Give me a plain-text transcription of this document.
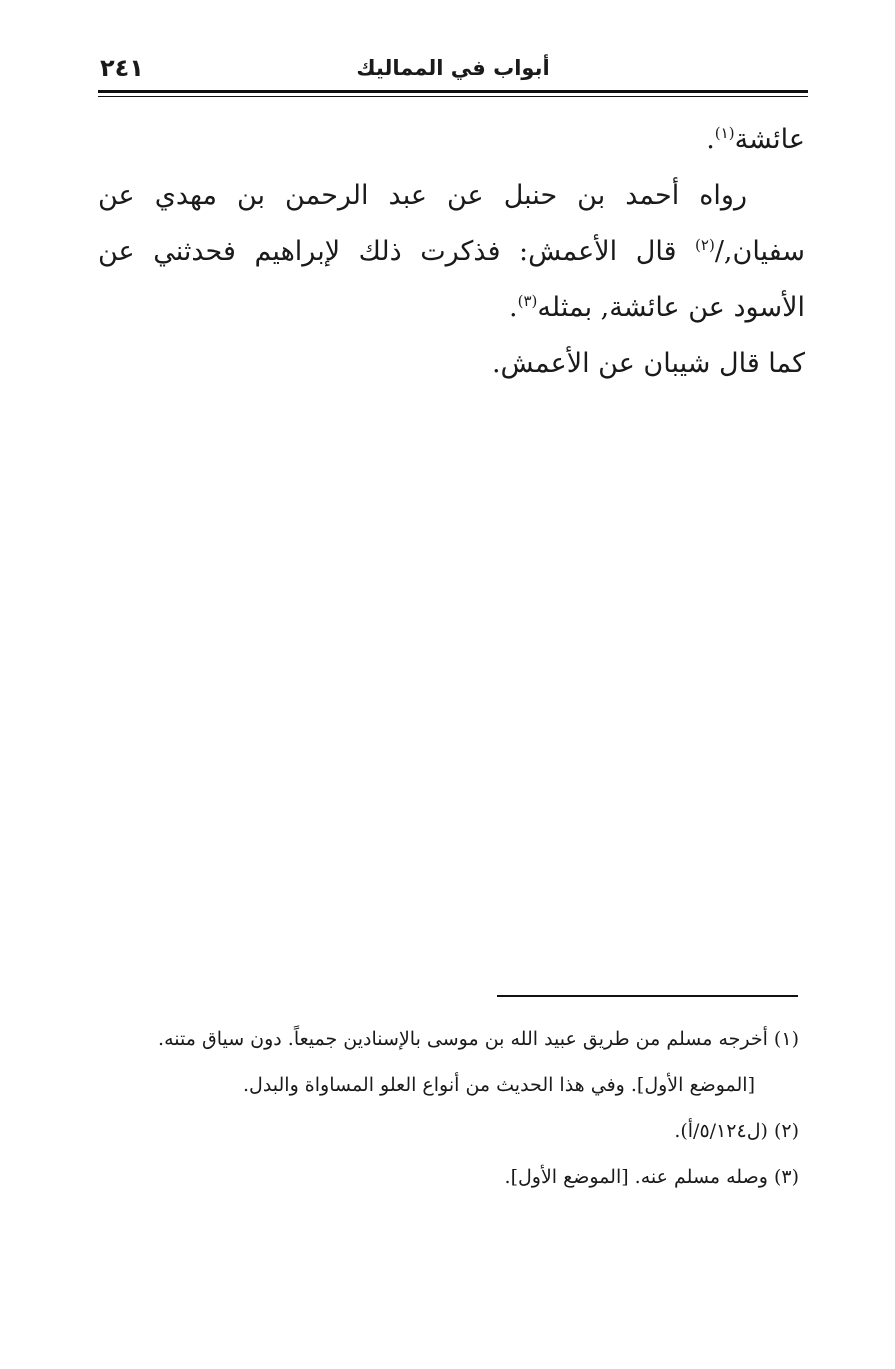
أبواب في المماليك
٢٤١

عائشة$^{(١)}$.

رواه أحمد بن حنبل عن عبد الرحمن بن مهدي عن سفيان,/$^{(٢)}$ قال الأعمش: فذكرت ذلك لإبراهيم فحدثني عن الأسود عن عائشة, بمثله$^{(٣)}$.

كما قال شيبان عن الأعمش.

(١) أخرجه مسلم من طريق عبيد الله بن موسى بالإسنادين جميعاً. دون سياق متنه.

[الموضع الأول]. وفي هذا الحديث من أنواع العلو المساواة والبدل.

(٢) (ل٥/١٢٤/أ).

(٣) وصله مسلم عنه. [الموضع الأول].
